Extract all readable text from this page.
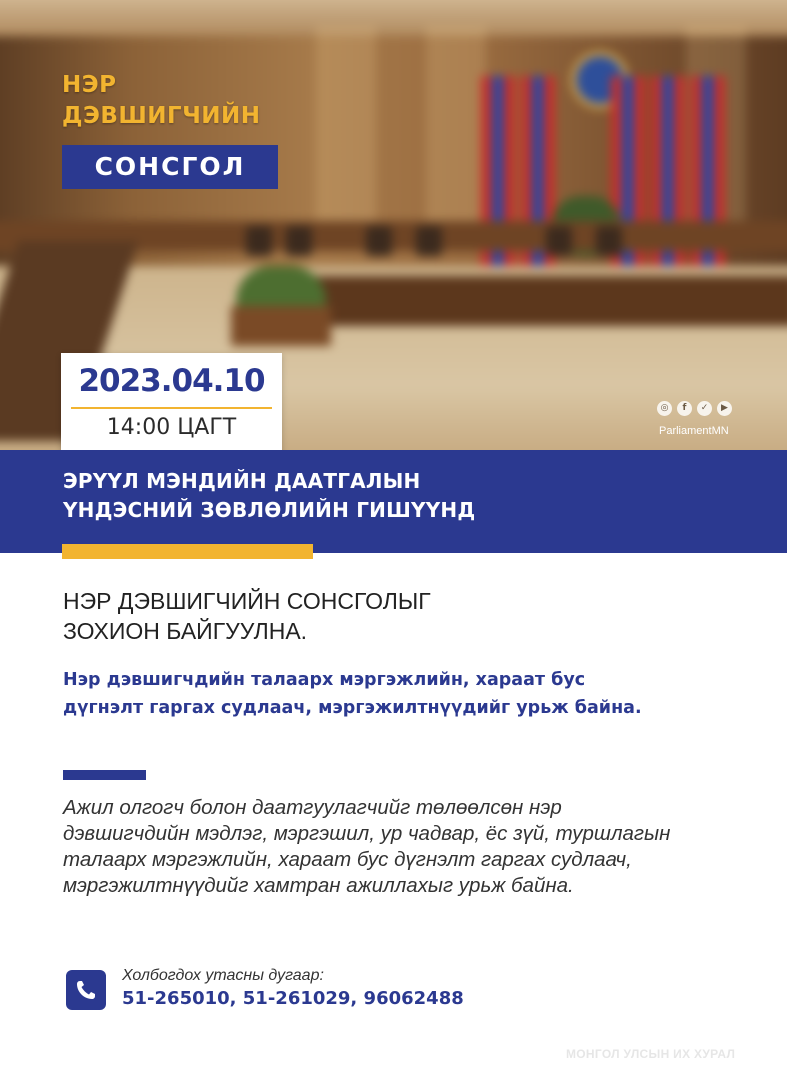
НЭР
ДЭВШИГЧИЙН
СОНСГОЛ
2023.04.10
14:00 ЦАГТ
◎	f	✓	▶
ParliamentMN
ЭРҮҮЛ МЭНДИЙН ДААТГАЛЫН
ҮНДЭСНИЙ ЗӨВЛӨЛИЙН ГИШҮҮНД
НЭР ДЭВШИГЧИЙН СОНСГОЛЫГ
ЗОХИОН БАЙГУУЛНА.
Нэр дэвшигчдийн талаарх мэргэжлийн, хараат бус
дүгнэлт гаргах судлаач, мэргэжилтнүүдийг урьж байна.
Ажил олгогч болон даатгуулагчийг төлөөлсөн нэр
дэвшигчдийн мэдлэг, мэргэшил, ур чадвар, ёс зүй, туршлагын
талаарх мэргэжлийн, хараат бус дүгнэлт гаргах судлаач,
мэргэжилтнүүдийг хамтран ажиллахыг урьж байна.
Холбогдох утасны дугаар:
51-265010, 51-261029, 96062488
МОНГОЛ УЛСЫН ИХ ХУРАЛ
